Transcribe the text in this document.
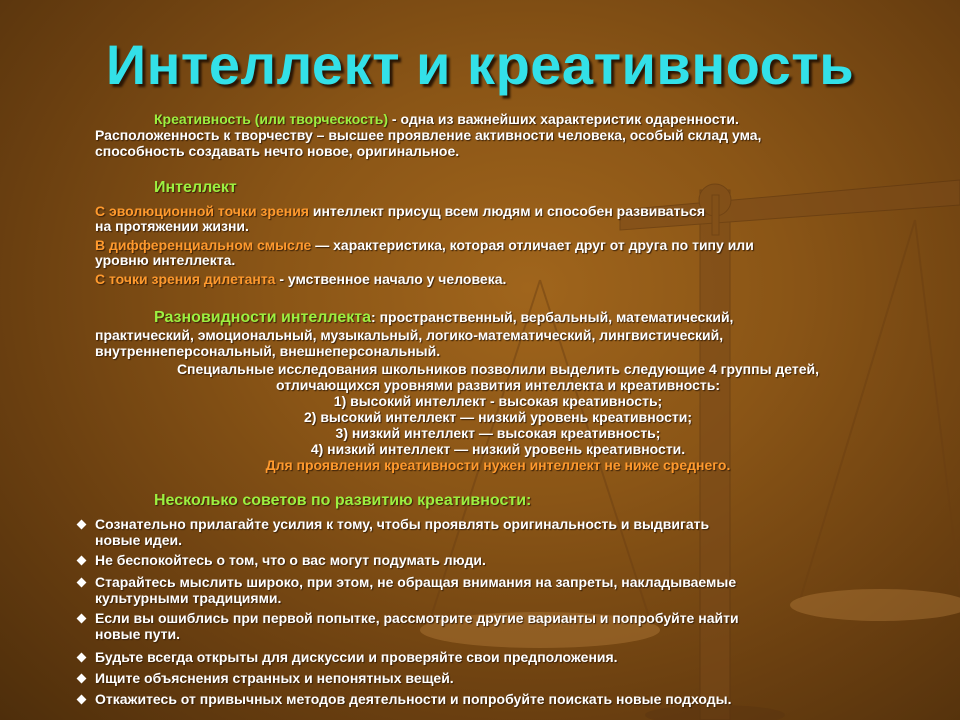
Интеллект и креативность
Креативность (или творческость) - одна из важнейших характеристик одаренности.
Расположенность к творчеству – высшее проявление активности человека, особый склад ума,
способность создавать нечто новое, оригинальное.
Интеллект
С эволюционной точки зрения интеллект присущ всем людям и способен развиваться
на протяжении жизни.
В дифференциальном смысле — характеристика, которая отличает друг от друга по типу или
уровню интеллекта.
С точки зрения дилетанта - умственное начало у человека.
Разновидности интеллекта: пространственный, вербальный, математический,
практический, эмоциональный, музыкальный, логико-математический, лингвистический,
внутреннеперсональный, внешнеперсональный.
Специальные исследования школьников позволили выделить следующие 4 группы детей,
отличающихся уровнями развития интеллекта и креативность:
1) высокий интеллект - высокая креативность;
2) высокий интеллект — низкий уровень креативности;
3) низкий интеллект — высокая креативность;
4) низкий интеллект — низкий уровень креативности.
Для проявления креативности нужен интеллект не ниже среднего.
Несколько советов по развитию креативности:
Сознательно прилагайте усилия к тому, чтобы проявлять оригинальность и выдвигать
новые идеи.
Не беспокойтесь о том, что о вас могут подумать люди.
Старайтесь мыслить широко, при этом, не обращая внимания на запреты, накладываемые
культурными традициями.
Если вы ошиблись при первой попытке, рассмотрите другие варианты и попробуйте найти
новые пути.
Будьте всегда открыты для дискуссии и проверяйте свои предположения.
Ищите объяснения странных и непонятных вещей.
Откажитесь от привычных методов деятельности и попробуйте поискать новые подходы.
